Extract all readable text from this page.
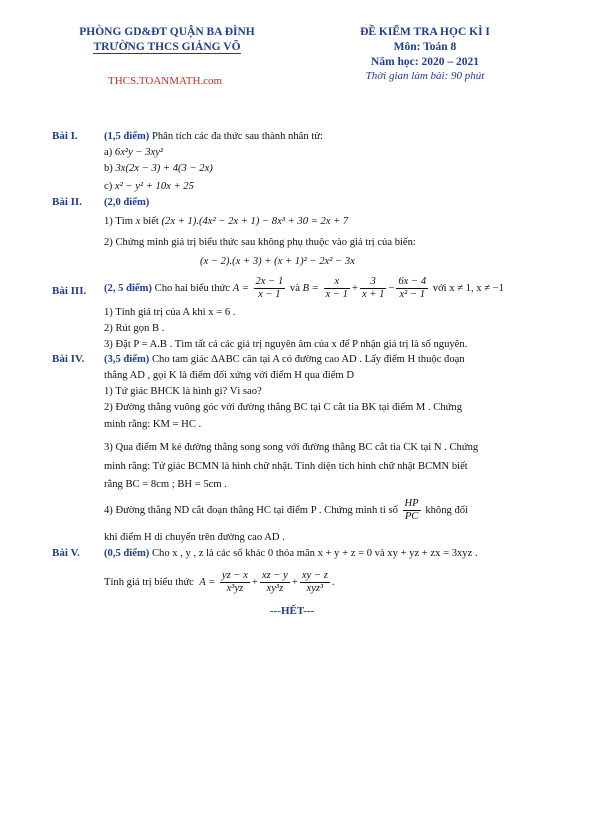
PHÒNG GD&ĐT QUẬN BA ĐÌNH
TRƯỜNG THCS GIẢNG VÕ
THCS.TOANMATH.com
ĐỀ KIỂM TRA HỌC KÌ I
Môn: Toán 8
Năm học: 2020 – 2021
Thời gian làm bài: 90 phút
Bài I. (1,5 điểm) Phân tích các đa thức sau thành nhân tử:
a) 6x²y − 3xy²
b) 3x(2x − 3) + 4(3 − 2x)
c) x² − y² + 10x + 25
Bài II. (2,0 điểm)
1) Tìm x biết (2x + 1).(4x² − 2x + 1) − 8x³ + 30 = 2x + 7
2) Chứng minh giá trị biểu thức sau không phụ thuộc vào giá trị của biến:
(x − 2).(x + 3) + (x + 1)² − 2x² − 3x
Bài III. (2, 5 điểm) Cho hai biểu thức $A = \frac{2x - 1}{x - 1}$ và $B = \frac{x}{x - 1} + \frac{3}{x + 1} - \frac{6x - 4}{\text{x² − 1}}$ với x ≠ 1, x ≠ −1
1) Tính giá trị của A khi x = 6 .
2) Rút gọn B .
3) Đặt P = A.B . Tìm tất cả các giá trị nguyên âm của x để P nhận giá trị là số nguyên.
Bài IV. (3,5 điểm) Cho tam giác ΔABC cân tại A có đường cao AD . Lấy điểm H thuộc đoạn
thẳng AD , gọi K là điểm đối xứng với điểm H qua điểm D
1) Tứ giác BHCK là hình gì? Vì sao?
2) Đường thẳng vuông góc với đường thẳng BC tại C cắt tia BK tại điểm M . Chứng
minh rằng: KM = HC .
3) Qua điểm M kẻ đường thẳng song song với đường thẳng BC cắt tia CK tại N . Chứng
minh rằng: Tứ giác BCMN là hình chữ nhật. Tính diện tích hình chữ nhật BCMN biết
rằng BC = 8cm ; BH = 5cm .
4) Đường thẳng ND cắt đoạn thẳng HC tại điểm P . Chứng minh tỉ số $\frac{HP}{PC}$ không đổi
khi điểm H di chuyển trên đường cao AD .
Bài V. (0,5 điểm) Cho x , y , z là các số khác 0 thỏa mãn x + y + z = 0 và xy + yz + zx = 3xyz .
Tính giá trị biểu thức $A = \frac{yz - x}{\text{x³yz}} + \frac{xz - y}{\text{xy³z}} + \frac{xy - z}{\text{xyz³}}$ .
---HẾT---
